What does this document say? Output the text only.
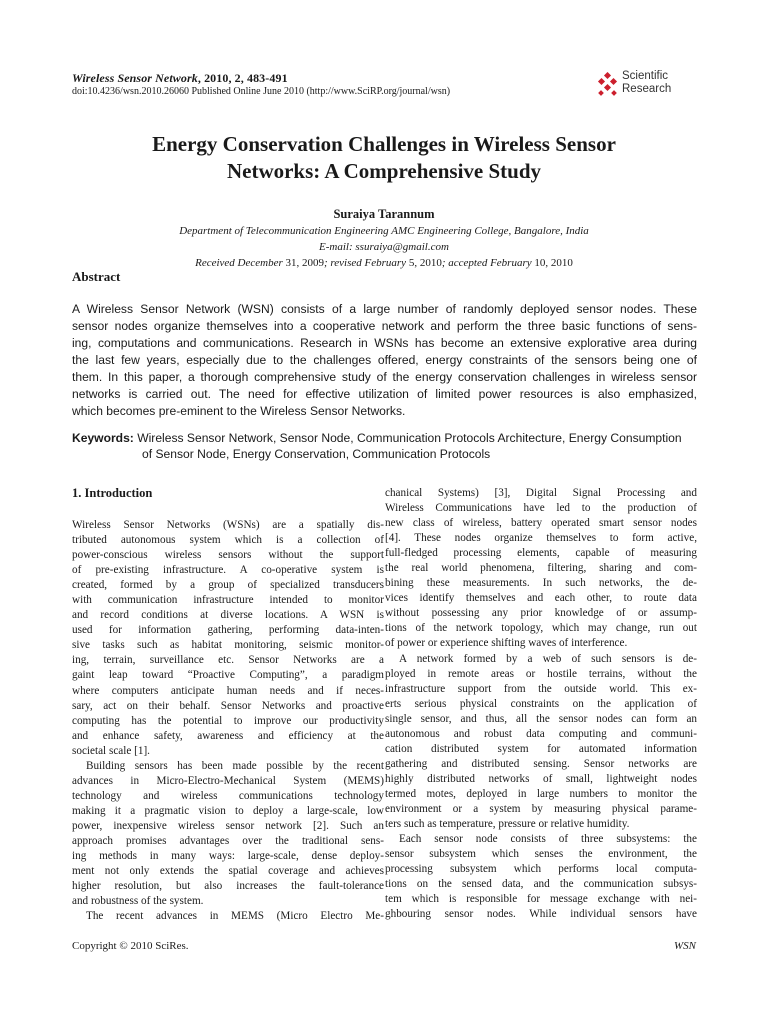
Wireless Sensor Network, 2010, 2, 483-491
doi:10.4236/wsn.2010.26060 Published Online June 2010 (http://www.SciRP.org/journal/wsn)
Scientific
Research
Energy Conservation Challenges in Wireless Sensor
Networks: A Comprehensive Study
Suraiya Tarannum
Department of Telecommunication Engineering AMC Engineering College, Bangalore, India
E-mail: ssuraiya@gmail.com
Received December 31, 2009; revised February 5, 2010; accepted February 10, 2010
Abstract
A Wireless Sensor Network (WSN) consists of a large number of randomly deployed sensor nodes. These
sensor nodes organize themselves into a cooperative network and perform the three basic functions of sens-
ing, computations and communications. Research in WSNs has become an extensive explorative area during
the last few years, especially due to the challenges offered, energy constraints of the sensors being one of
them. In this paper, a thorough comprehensive study of the energy conservation challenges in wireless sensor
networks is carried out. The need for effective utilization of limited power resources is also emphasized,
which becomes pre-eminent to the Wireless Sensor Networks.
Keywords: Wireless Sensor Network, Sensor Node, Communication Protocols Architecture, Energy Consumption
of Sensor Node, Energy Conservation, Communication Protocols
1. Introduction
Wireless Sensor Networks (WSNs) are a spatially dis-
tributed autonomous system which is a collection of
power-conscious wireless sensors without the support
of pre-existing infrastructure. A co-operative system is
created, formed by a group of specialized transducers
with communication infrastructure intended to monitor
and record conditions at diverse locations. A WSN is
used for information gathering, performing data-inten-
sive tasks such as habitat monitoring, seismic monitor-
ing, terrain, surveillance etc. Sensor Networks are a
gaint leap toward “Proactive Computing”, a paradigm
where computers anticipate human needs and if neces-
sary, act on their behalf. Sensor Networks and proactive
computing has the potential to improve our productivity
and enhance safety, awareness and efficiency at the
societal scale [1].
Building sensors has been made possible by the recent
advances in Micro-Electro-Mechanical System (MEMS)
technology and wireless communications technology
making it a pragmatic vision to deploy a large-scale, low
power, inexpensive wireless sensor network [2]. Such an
approach promises advantages over the traditional sens-
ing methods in many ways: large-scale, dense deploy-
ment not only extends the spatial coverage and achieves
higher resolution, but also increases the fault-tolerance
and robustness of the system.
The recent advances in MEMS (Micro Electro Me-
chanical Systems) [3], Digital Signal Processing and
Wireless Communications have led to the production of
new class of wireless, battery operated smart sensor nodes
[4]. These nodes organize themselves to form active,
full-fledged processing elements, capable of measuring
the real world phenomena, filtering, sharing and com-
bining these measurements. In such networks, the de-
vices identify themselves and each other, to route data
without possessing any prior knowledge of or assump-
tions of the network topology, which may change, run out
of power or experience shifting waves of interference.
A network formed by a web of such sensors is de-
ployed in remote areas or hostile terrains, without the
infrastructure support from the outside world. This ex-
erts serious physical constraints on the application of
single sensor, and thus, all the sensor nodes can form an
autonomous and robust data computing and communi-
cation distributed system for automated information
gathering and distributed sensing. Sensor networks are
highly distributed networks of small, lightweight nodes
termed motes, deployed in large numbers to monitor the
environment or a system by measuring physical parame-
ters such as temperature, pressure or relative humidity.
Each sensor node consists of three subsystems: the
sensor subsystem which senses the environment, the
processing subsystem which performs local computa-
tions on the sensed data, and the communication subsys-
tem which is responsible for message exchange with nei-
ghbouring sensor nodes. While individual sensors have
Copyright © 2010 SciRes.	WSN
